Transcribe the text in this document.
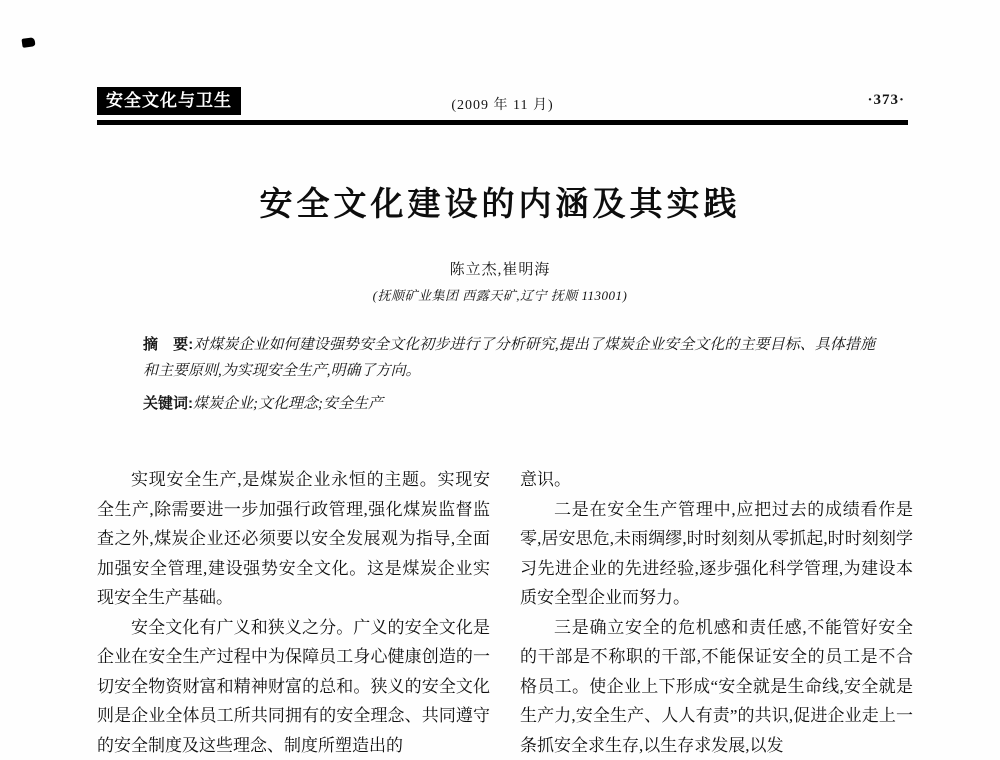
安全文化与卫生	(2009 年 11 月)	·373·
安全文化建设的内涵及其实践
陈立杰,崔明海
(抚顺矿业集团 西露天矿,辽宁 抚顺 113001)

摘　要:对煤炭企业如何建设强势安全文化初步进行了分析研究,提出了煤炭企业安全文化的主要目标、具体措施和主要原则,为实现安全生产,明确了方向。

关键词:煤炭企业;文化理念;安全生产

实现安全生产,是煤炭企业永恒的主题。实现安全生产,除需要进一步加强行政管理,强化煤炭监督监查之外,煤炭企业还必须要以安全发展观为指导,全面加强安全管理,建设强势安全文化。这是煤炭企业实现安全生产基础。

安全文化有广义和狭义之分。广义的安全文化是企业在安全生产过程中为保障员工身心健康创造的一切安全物资财富和精神财富的总和。狭义的安全文化则是企业全体员工所共同拥有的安全理念、共同遵守的安全制度及这些理念、制度所塑造出的

意识。

二是在安全生产管理中,应把过去的成绩看作是零,居安思危,未雨绸缪,时时刻刻从零抓起,时时刻刻学习先进企业的先进经验,逐步强化科学管理,为建设本质安全型企业而努力。

三是确立安全的危机感和责任感,不能管好安全的干部是不称职的干部,不能保证安全的员工是不合格员工。使企业上下形成“安全就是生命线,安全就是生产力,安全生产、人人有责”的共识,促进企业走上一条抓安全求生存,以生存求发展,以发
